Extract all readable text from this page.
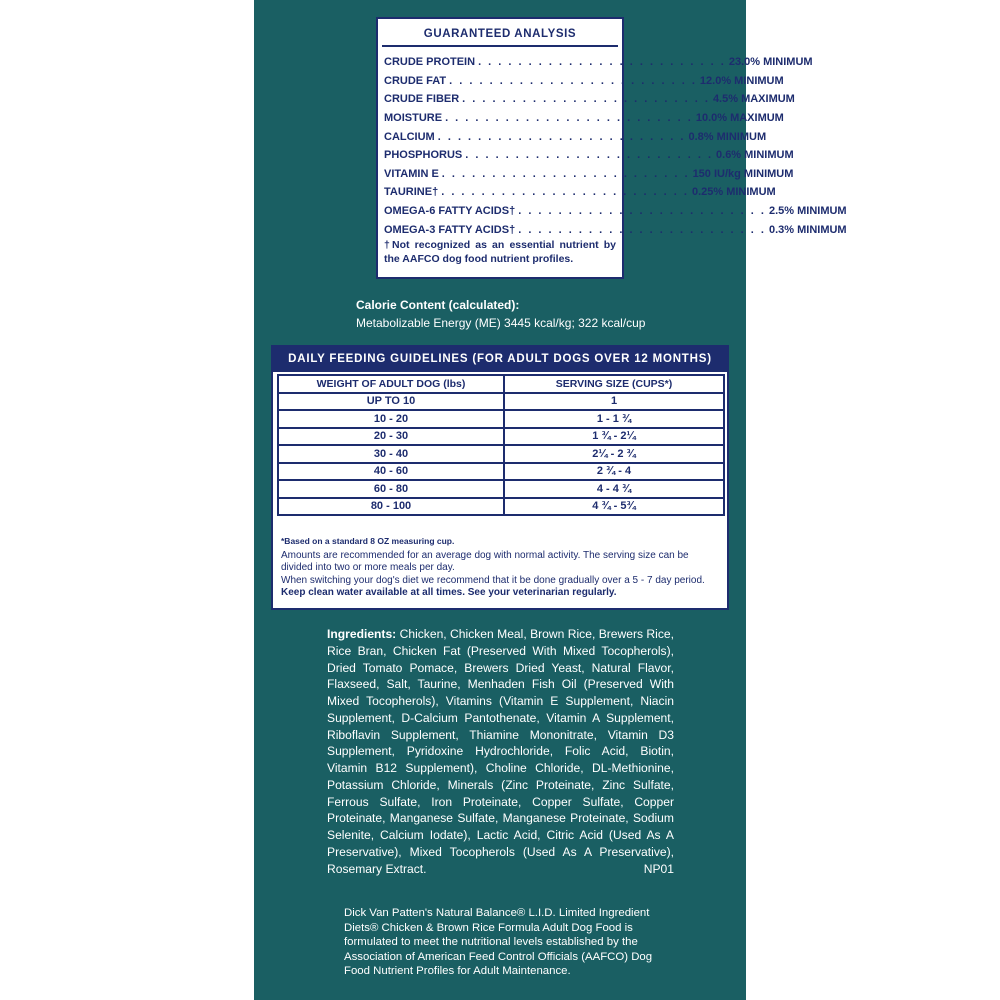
GUARANTEED ANALYSIS
CRUDE PROTEIN . . . . . . . . . . . . . . . . . . . . . . . . . 23.0% MINIMUM
CRUDE FAT . . . . . . . . . . . . . . . . . . . . . . . . . 12.0% MINIMUM
CRUDE FIBER . . . . . . . . . . . . . . . . . . . . . . . . . 4.5% MAXIMUM
MOISTURE . . . . . . . . . . . . . . . . . . . . . . . . . 10.0% MAXIMUM
CALCIUM . . . . . . . . . . . . . . . . . . . . . . . . . 0.8% MINIMUM
PHOSPHORUS . . . . . . . . . . . . . . . . . . . . . . . . . 0.6% MINIMUM
VITAMIN E . . . . . . . . . . . . . . . . . . . . . . . . . 150 IU/kg MINIMUM
TAURINE† . . . . . . . . . . . . . . . . . . . . . . . . . 0.25% MINIMUM
OMEGA-6 FATTY ACIDS† . . . . . . . . . . . . . . . . . . . . . . . . . 2.5% MINIMUM
OMEGA-3 FATTY ACIDS† . . . . . . . . . . . . . . . . . . . . . . . . . 0.3% MINIMUM
†Not recognized as an essential nutrient by the AAFCO dog food nutrient profiles.
Calorie Content (calculated):
Metabolizable Energy (ME) 3445 kcal/kg; 322 kcal/cup
DAILY FEEDING GUIDELINES (FOR ADULT DOGS OVER 12 MONTHS)
WEIGHT OF ADULT DOG (lbs)	SERVING SIZE (CUPS*)
UP TO 10	1
10 - 20	1 - 1 ¾
20 - 30	1 ¾ - 2¼
30 - 40	2¼ - 2 ¾
40 - 60	2 ¾ - 4
60 - 80	4 - 4 ¾
80 - 100	4 ¾ - 5¾
*Based on a standard 8 OZ measuring cup.
Amounts are recommended for an average dog with normal activity. The serving size can be divided into two or more meals per day.
When switching your dog's diet we recommend that it be done gradually over a 5 - 7 day period.
Keep clean water available at all times. See your veterinarian regularly.
Ingredients: Chicken, Chicken Meal, Brown Rice, Brewers Rice, Rice Bran, Chicken Fat (Preserved With Mixed Tocopherols), Dried Tomato Pomace, Brewers Dried Yeast, Natural Flavor, Flaxseed, Salt, Taurine, Menhaden Fish Oil (Preserved With Mixed Tocopherols), Vitamins (Vitamin E Supplement, Niacin Supplement, D-Calcium Pantothenate, Vitamin A Supplement, Riboflavin Supplement, Thiamine Mononitrate, Vitamin D3 Supplement, Pyridoxine Hydrochloride, Folic Acid, Biotin, Vitamin B12 Supplement), Choline Chloride, DL-Methionine, Potassium Chloride, Minerals (Zinc Proteinate, Zinc Sulfate, Ferrous Sulfate, Iron Proteinate, Copper Sulfate, Copper Proteinate, Manganese Sulfate, Manganese Proteinate, Sodium Selenite, Calcium Iodate), Lactic Acid, Citric Acid (Used As A Preservative), Mixed Tocopherols (Used As A Preservative), Rosemary Extract.	NP01
Dick Van Patten's Natural Balance® L.I.D. Limited Ingredient Diets® Chicken & Brown Rice Formula Adult Dog Food is formulated to meet the nutritional levels established by the Association of American Feed Control Officials (AAFCO) Dog Food Nutrient Profiles for Adult Maintenance.
